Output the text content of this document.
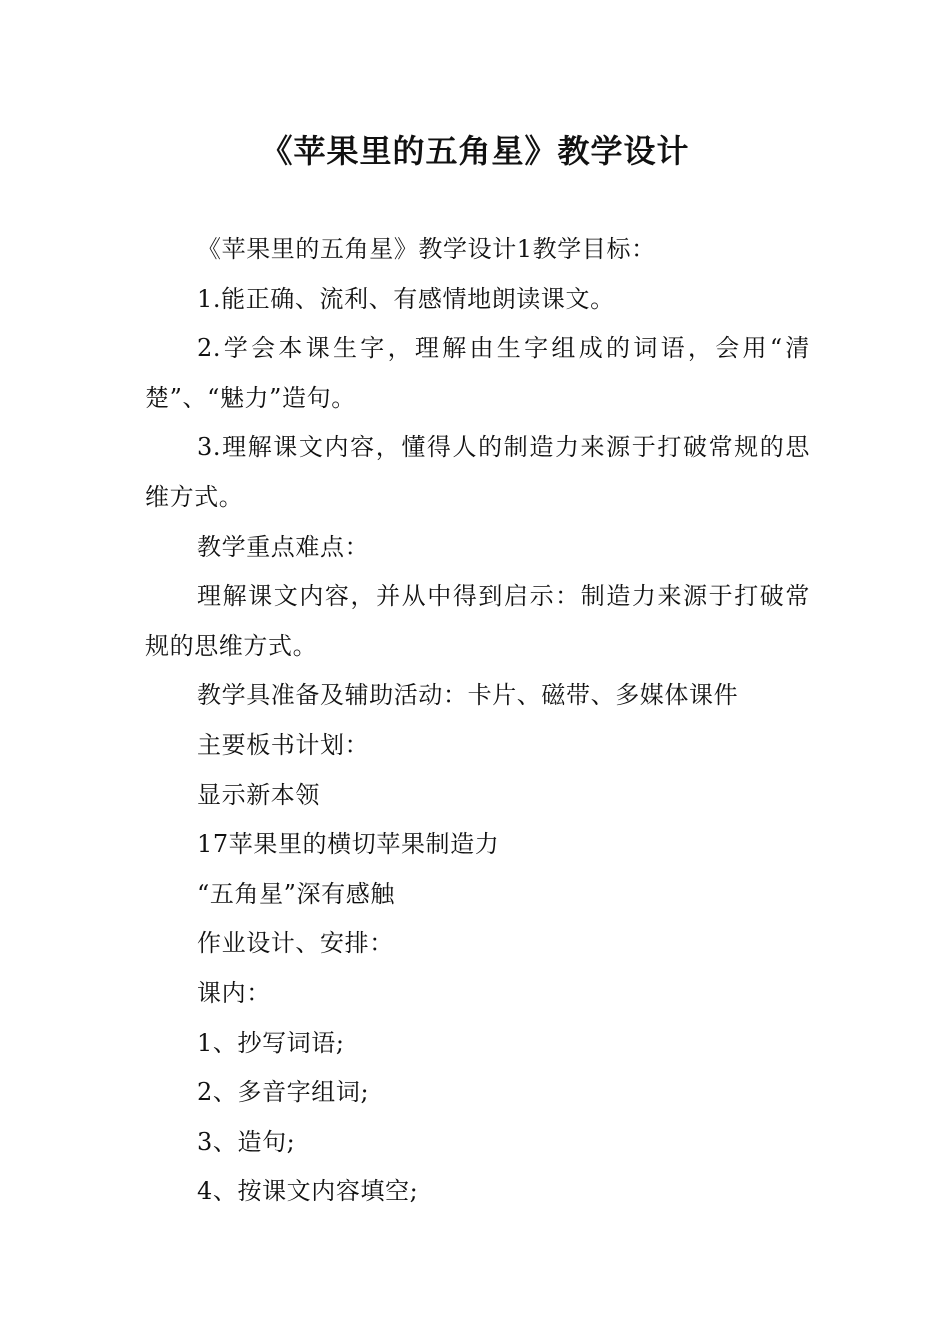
《苹果里的五角星》教学设计

《苹果里的五角星》教学设计1教学目标：

1.能正确、流利、有感情地朗读课文。

2.学会本课生字，理解由生字组成的词语，会用“清楚”、“魅力”造句。

3.理解课文内容，懂得人的制造力来源于打破常规的思维方式。

教学重点难点：

理解课文内容，并从中得到启示：制造力来源于打破常规的思维方式。

教学具准备及辅助活动：卡片、磁带、多媒体课件

主要板书计划：

显示新本领

17苹果里的横切苹果制造力

“五角星”深有感触

作业设计、安排：

课内：

1、抄写词语;

2、多音字组词;

3、造句;

4、按课文内容填空;
